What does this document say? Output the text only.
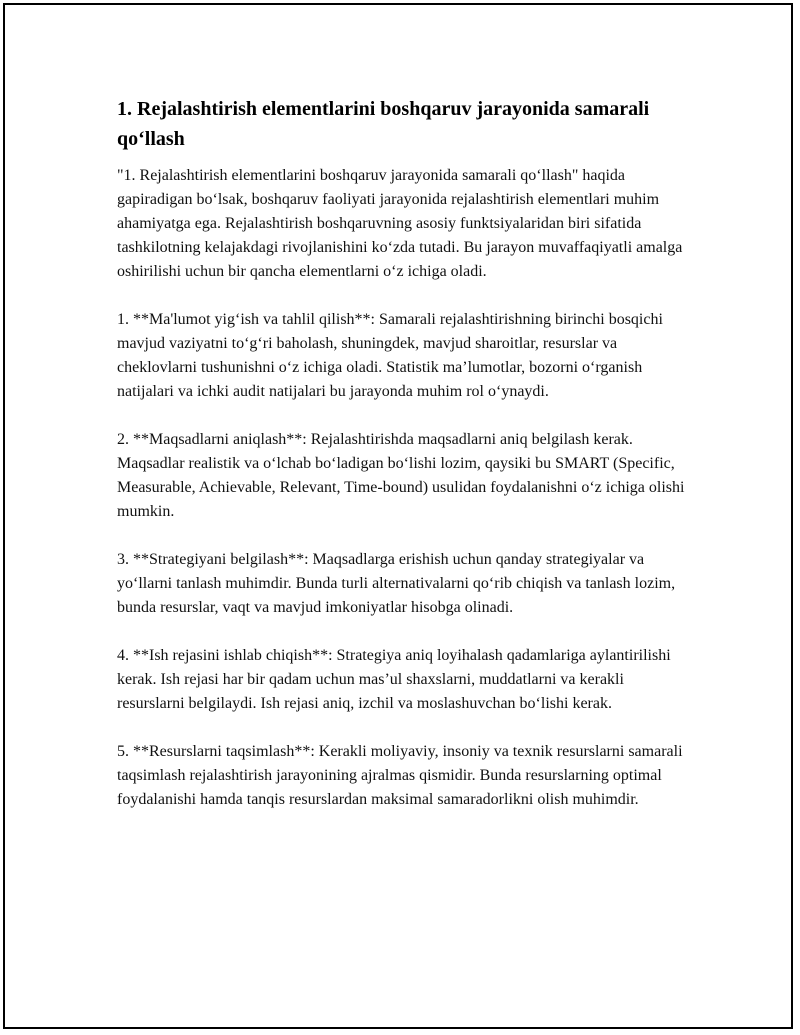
1. Rejalashtirish elementlarini boshqaruv jarayonida samarali qo‘llash

"1. Rejalashtirish elementlarini boshqaruv jarayonida samarali qo‘llash" haqida gapiradigan bo‘lsak, boshqaruv faoliyati jarayonida rejalashtirish elementlari muhim ahamiyatga ega. Rejalashtirish boshqaruvning asosiy funktsiyalaridan biri sifatida tashkilotning kelajakdagi rivojlanishini ko‘zda tutadi. Bu jarayon muvaffaqiyatli amalga oshirilishi uchun bir qancha elementlarni o‘z ichiga oladi.

1. **Ma'lumot yig‘ish va tahlil qilish**: Samarali rejalashtirishning birinchi bosqichi mavjud vaziyatni to‘g‘ri baholash, shuningdek, mavjud sharoitlar, resurslar va cheklovlarni tushunishni o‘z ichiga oladi. Statistik ma’lumotlar, bozorni o‘rganish natijalari va ichki audit natijalari bu jarayonda muhim rol o‘ynaydi.

2. **Maqsadlarni aniqlash**: Rejalashtirishda maqsadlarni aniq belgilash kerak. Maqsadlar realistik va o‘lchab bo‘ladigan bo‘lishi lozim, qaysiki bu SMART (Specific, Measurable, Achievable, Relevant, Time-bound) usulidan foydalanishni o‘z ichiga olishi mumkin.

3. **Strategiyani belgilash**: Maqsadlarga erishish uchun qanday strategiyalar va yo‘llarni tanlash muhimdir. Bunda turli alternativalarni qo‘rib chiqish va tanlash lozim, bunda resurslar, vaqt va mavjud imkoniyatlar hisobga olinadi.

4. **Ish rejasini ishlab chiqish**: Strategiya aniq loyihalash qadamlariga aylantirilishi kerak. Ish rejasi har bir qadam uchun mas’ul shaxslarni, muddatlarni va kerakli resurslarni belgilaydi. Ish rejasi aniq, izchil va moslashuvchan bo‘lishi kerak.

5. **Resurslarni taqsimlash**: Kerakli moliyaviy, insoniy va texnik resurslarni samarali taqsimlash rejalashtirish jarayonining ajralmas qismidir. Bunda resurslarning optimal foydalanishi hamda tanqis resurslardan maksimal samaradorlikni olish muhimdir.
